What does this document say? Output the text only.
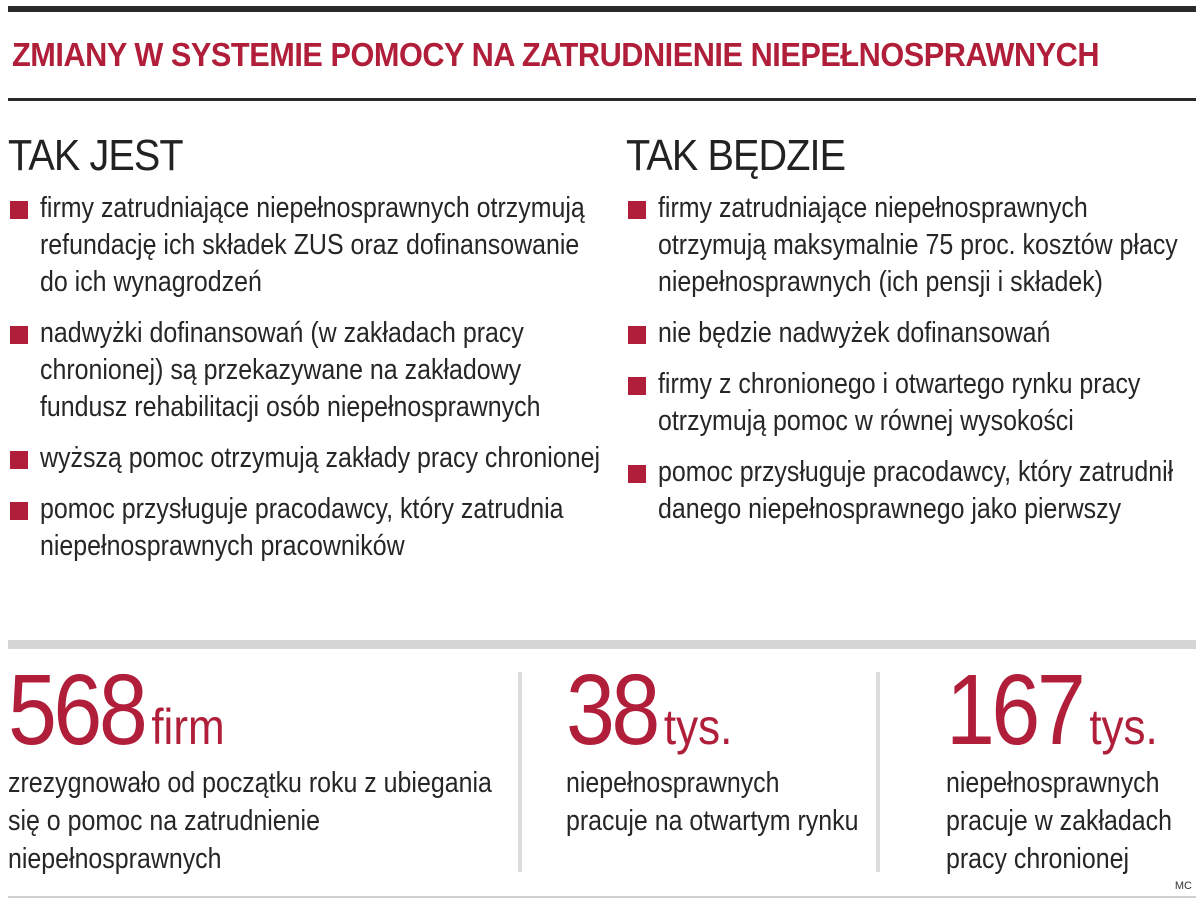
ZMIANY W SYSTEMIE POMOCY NA ZATRUDNIENIE NIEPEŁNOSPRAWNYCH
TAK JEST
firmy zatrudniające niepełnosprawnych otrzymują refundację ich składek ZUS oraz dofinansowanie do ich wynagrodzeń
nadwyżki dofinansowań (w zakładach pracy chronionej) są przekazywane na zakładowy fundusz rehabilitacji osób niepełnosprawnych
wyższą pomoc otrzymują zakłady pracy chronionej
pomoc przysługuje pracodawcy, który zatrudnia niepełnosprawnych pracowników
TAK BĘDZIE
firmy zatrudniające niepełnosprawnych otrzymują maksymalnie 75 proc. kosztów płacy niepełnosprawnych (ich pensji i składek)
nie będzie nadwyżek dofinansowań
firmy z chronionego i otwartego rynku pracy otrzymują pomoc w równej wysokości
pomoc przysługuje pracodawcy, który zatrudnił danego niepełnosprawnego jako pierwszy
568 firm
zrezygnowało od początku roku z ubiegania się o pomoc na zatrudnienie niepełnosprawnych
38 tys.
niepełnosprawnych pracuje na otwartym rynku
167 tys.
niepełnosprawnych pracuje w zakładach pracy chronionej
MC
